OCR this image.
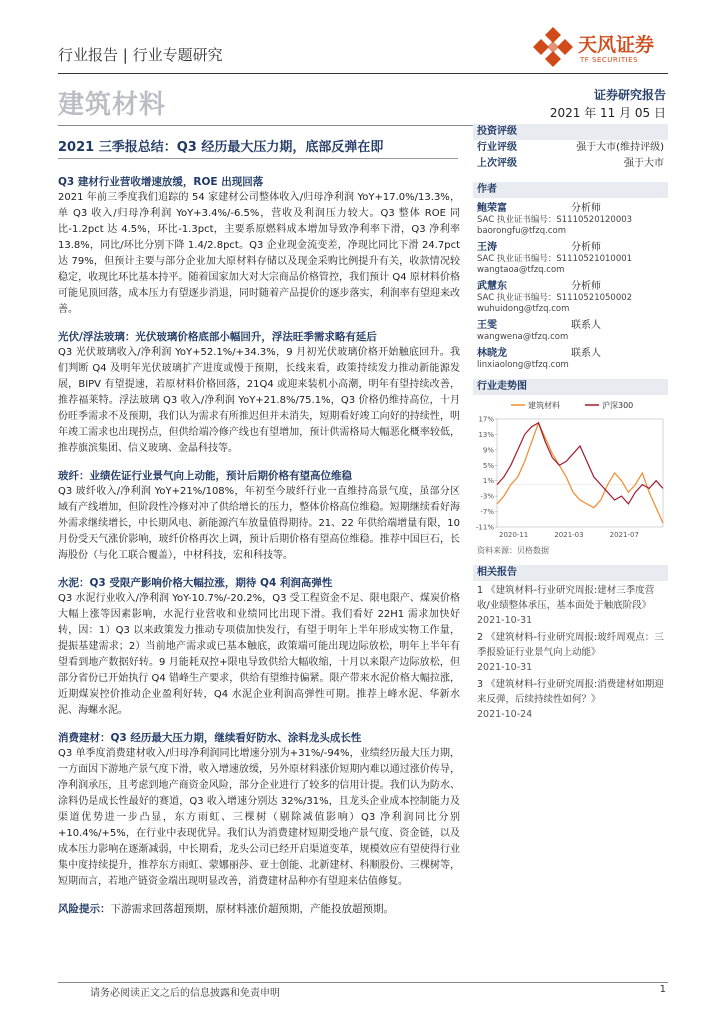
行业报告 | 行业专题研究	天风证券
TF SECURITIES
建筑材料	证券研究报告
2021 年 11 月 05 日
2021 三季报总结：Q3 经历最大压力期，底部反弹在即
Q3 建材行业营收增速放缓，ROE 出现回落
2021 年前三季度我们追踪的 54 家建材公司整体收入/归母净利润 YoY+17.0%/13.3%，单 Q3 收入/归母净利润 YoY+3.4%/-6.5%，营收及利润压力较大。Q3 整体 ROE 同比-1.2pct 达 4.5%，环比-1.3pct，主要系原燃料成本增加导致净利率下滑，Q3 净利率 13.8%，同比/环比分别下降 1.4/2.8pct。Q3 企业现金流变差，净现比同比下滑 24.7pct 达 79%，但预计主要与部分企业加大原材料存储以及现金采购比例提升有关，收款情况较稳定，收现比环比基本持平。随着国家加大对大宗商品价格管控，我们预计 Q4 原材料价格可能见顶回落，成本压力有望逐步消退，同时随着产品提价的逐步落实，利润率有望迎来改善。
光伏/浮法玻璃：光伏玻璃价格底部小幅回升，浮法旺季需求略有延后
Q3 光伏玻璃收入/净利润 YoY+52.1%/+34.3%，9 月初光伏玻璃价格开始触底回升。我们判断 Q4 及明年光伏玻璃扩产进度或慢于预期，长线来看，政策持续发力推动新能源发展，BIPV 有望提速，若原材料价格回落，21Q4 或迎来装机小高潮，明年有望持续改善，推荐福莱特。浮法玻璃 Q3 收入/净利润 YoY+21.8%/75.1%，Q3 价格仍维持高位，十月份旺季需求不及预期，我们认为需求有所推迟但并未消失，短期看好竣工向好的持续性，明年竣工需求也出现拐点，但供给端冷修产线也有望增加，预计供需格局大幅恶化概率较低，推荐旗滨集团、信义玻璃、金晶科技等。
玻纤：业绩佐证行业景气向上动能，预计后期价格有望高位维稳
Q3 玻纤收入/净利润 YoY+21%/108%，年初至今玻纤行业一直维持高景气度，虽部分区域有产线增加，但阶段性冷修对冲了供给增长的压力，整体价格高位维稳。短期继续看好海外需求继续增长，中长期风电、新能源汽车放量值得期待。21、22 年供给端增量有限，10 月份受天气涨价影响，玻纤价格再次上调，预计后期价格有望高位维稳。推荐中国巨石，长海股份（与化工联合覆盖），中材科技，宏和科技等。
水泥：Q3 受限产影响价格大幅拉涨，期待 Q4 利润高弹性
Q3 水泥行业收入/净利润 YoY-10.7%/-20.2%，Q3 受工程资金不足、限电限产、煤炭价格大幅上涨等因素影响，水泥行业营收和业绩同比出现下滑。我们看好 22H1 需求加快好转，因：1）Q3 以来政策发力推动专项债加快发行，有望于明年上半年形成实物工作量，提振基建需求；2）当前地产需求或已基本触底，政策端可能出现边际放松，明年上半年有望看到地产数据好转。9 月能耗双控+限电导致供给大幅收缩，十月以来限产边际放松，但部分省份已开始执行 Q4 错峰生产要求，供给有望维持偏紧。限产带来水泥价格大幅拉涨，近期煤炭控价推动企业盈利好转，Q4 水泥企业利润高弹性可期。推荐上峰水泥、华新水泥、海螺水泥。
消费建材：Q3 经历最大压力期，继续看好防水、涂料龙头成长性
Q3 单季度消费建材收入/归母净利润同比增速分别为+31%/-94%，业绩经历最大压力期，一方面因下游地产景气度下滑，收入增速放缓，另外原材料涨价短期内难以通过涨价传导，净利润承压，且考虑到地产商资金风险，部分企业进行了较多的信用计提。我们认为防水、涂料仍是成长性最好的赛道，Q3 收入增速分别达 32%/31%，且龙头企业成本控制能力及渠道优势进一步凸显，东方雨虹、三棵树（剔除减值影响）Q3 净利润同比分别+10.4%/+5%，在行业中表现优异。我们认为消费建材短期受地产景气度、资金链，以及成本压力影响在逐渐减弱，中长期看，龙头公司已经开启渠道变革，规模效应有望使得行业集中度持续提升，推荐东方雨虹、蒙娜丽莎、亚士创能、北新建材、科顺股份、三棵树等，短期而言，若地产链资金端出现明显改善，消费建材品种亦有望迎来估值修复。
风险提示：下游需求回落超预期，原材料涨价超预期，产能投放超预期。
投资评级
行业评级	强于大市(维持评级)
上次评级	强于大市
作者
鲍荣富	分析师
SAC 执业证书编号：S1110520120003
baorongfu@tfzq.com
王涛	分析师
SAC 执业证书编号：S1110521010001
wangtaoa@tfzq.com
武慧东	分析师
SAC 执业证书编号：S1110521050002
wuhuidong@tfzq.com
王雯	联系人
wangwena@tfzq.com
林晓龙	联系人
linxiaolong@tfzq.com
行业走势图
建筑材料	沪深300
17%
13%
9%
5%
1%
-3%
-7%
-11%
2020-11	2021-03	2021-07
资料来源：贝格数据
相关报告
1 《建筑材料-行业研究周报:建材三季度营收/业绩整体承压，基本面处于触底阶段》
2021-10-31
2 《建筑材料-行业研究周报:玻纤周观点：三季报验证行业景气向上动能》
2021-10-31
3 《建筑材料-行业研究周报:消费建材如期迎来反弹，后续持续性如何？》
2021-10-24
请务必阅读正文之后的信息披露和免责申明	1
